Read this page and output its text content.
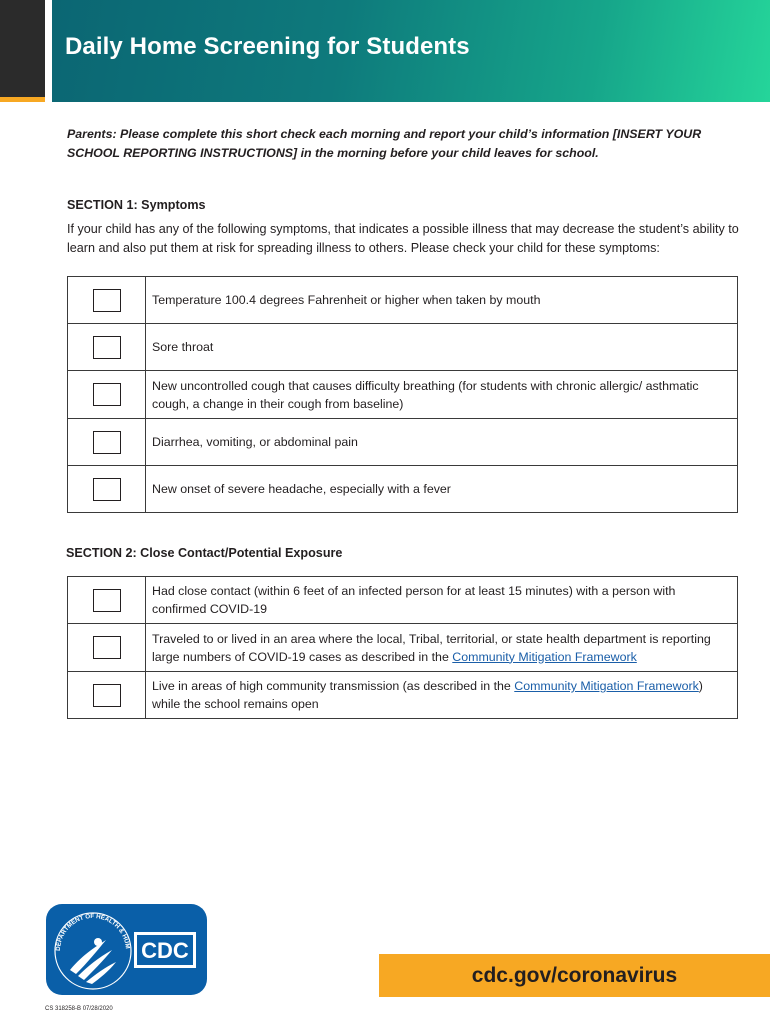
Daily Home Screening for Students
Parents: Please complete this short check each morning and report your child’s information [INSERT YOUR SCHOOL REPORTING INSTRUCTIONS] in the morning before your child leaves for school.
SECTION 1: Symptoms
If your child has any of the following symptoms, that indicates a possible illness that may decrease the student’s ability to learn and also put them at risk for spreading illness to others. Please check your child for these symptoms:
	Temperature 100.4 degrees Fahrenheit or higher when taken by mouth

	Sore throat

	New uncontrolled cough that causes difficulty breathing (for students with chronic allergic/ asthmatic cough, a change in their cough from baseline)

	Diarrhea, vomiting, or abdominal pain

	New onset of severe headache, especially with a fever
SECTION 2: Close Contact/Potential Exposure
	Had close contact (within 6 feet of an infected person for at least 15 minutes) with a person with confirmed COVID-19

	Traveled to or lived in an area where the local, Tribal, territorial, or state health department is reporting large numbers of COVID-19 cases as described in the Community Mitigation Framework

	Live in areas of high community transmission (as described in the Community Mitigation Framework) while the school remains open
DEPARTMENT OF HEALTH & HUM CDC
cdc.gov/coronavirus
CS 318258-B 07/28/2020
